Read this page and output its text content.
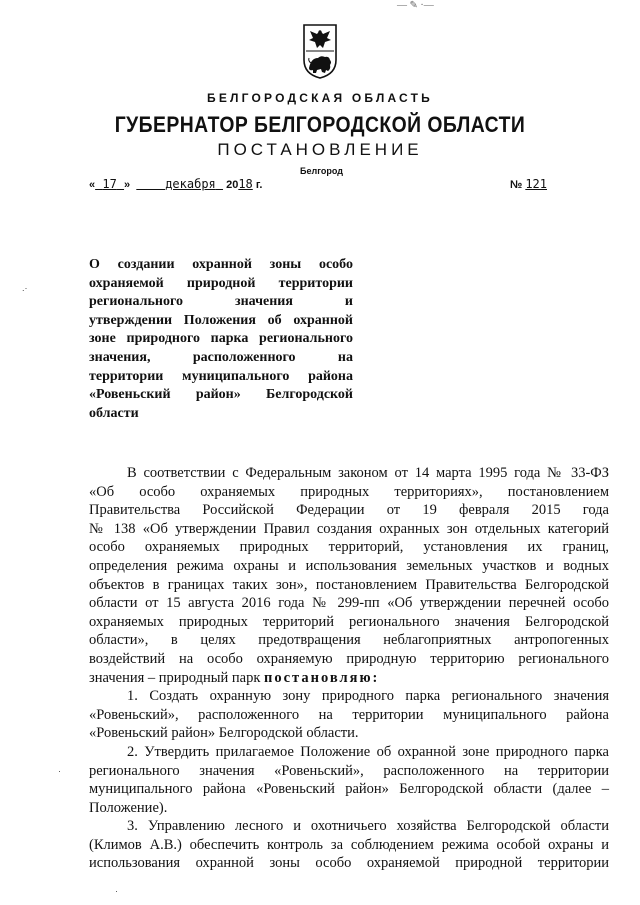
— ✎ ·—
БЕЛГОРОДСКАЯ ОБЛАСТЬ
ГУБЕРНАТОР БЕЛГОРОДСКОЙ ОБЛАСТИ
ПОСТАНОВЛЕНИЕ
Белгород
« 17 »	декабря 2018 г.	№ 121
.·
·
·
О создании охранной зоны особо
охраняемой природной территории
регионального значения и
утверждении Положения об охранной
зоне природного парка регионального
значения, расположенного на
территории муниципального района
«Ровеньский район» Белгородской
области
В соответствии с Федеральным законом от 14 марта 1995 года № 33-ФЗ
«Об особо охраняемых природных территориях», постановлением
Правительства Российской Федерации от 19 февраля 2015 года
№ 138 «Об утверждении Правил создания охранных зон отдельных категорий
особо охраняемых природных территорий, установления их границ,
определения режима охраны и использования земельных участков и водных
объектов в границах таких зон», постановлением Правительства Белгородской
области от 15 августа 2016 года № 299-пп «Об утверждении перечней особо
охраняемых природных территорий регионального значения Белгородской
области», в целях предотвращения неблагоприятных антропогенных
воздействий на особо охраняемую природную территорию регионального
значения – природный парк постановляю:
1. Создать охранную зону природного парка регионального значения
«Ровеньский», расположенного на территории муниципального района
«Ровеньский район» Белгородской области.
2. Утвердить прилагаемое Положение об охранной зоне природного парка
регионального значения «Ровеньский», расположенного на территории
муниципального района «Ровеньский район» Белгородской области (далее –
Положение).
3. Управлению лесного и охотничьего хозяйства Белгородской области
(Климов А.В.) обеспечить контроль за соблюдением режима особой охраны и
использования охранной зоны особо охраняемой природной территории
